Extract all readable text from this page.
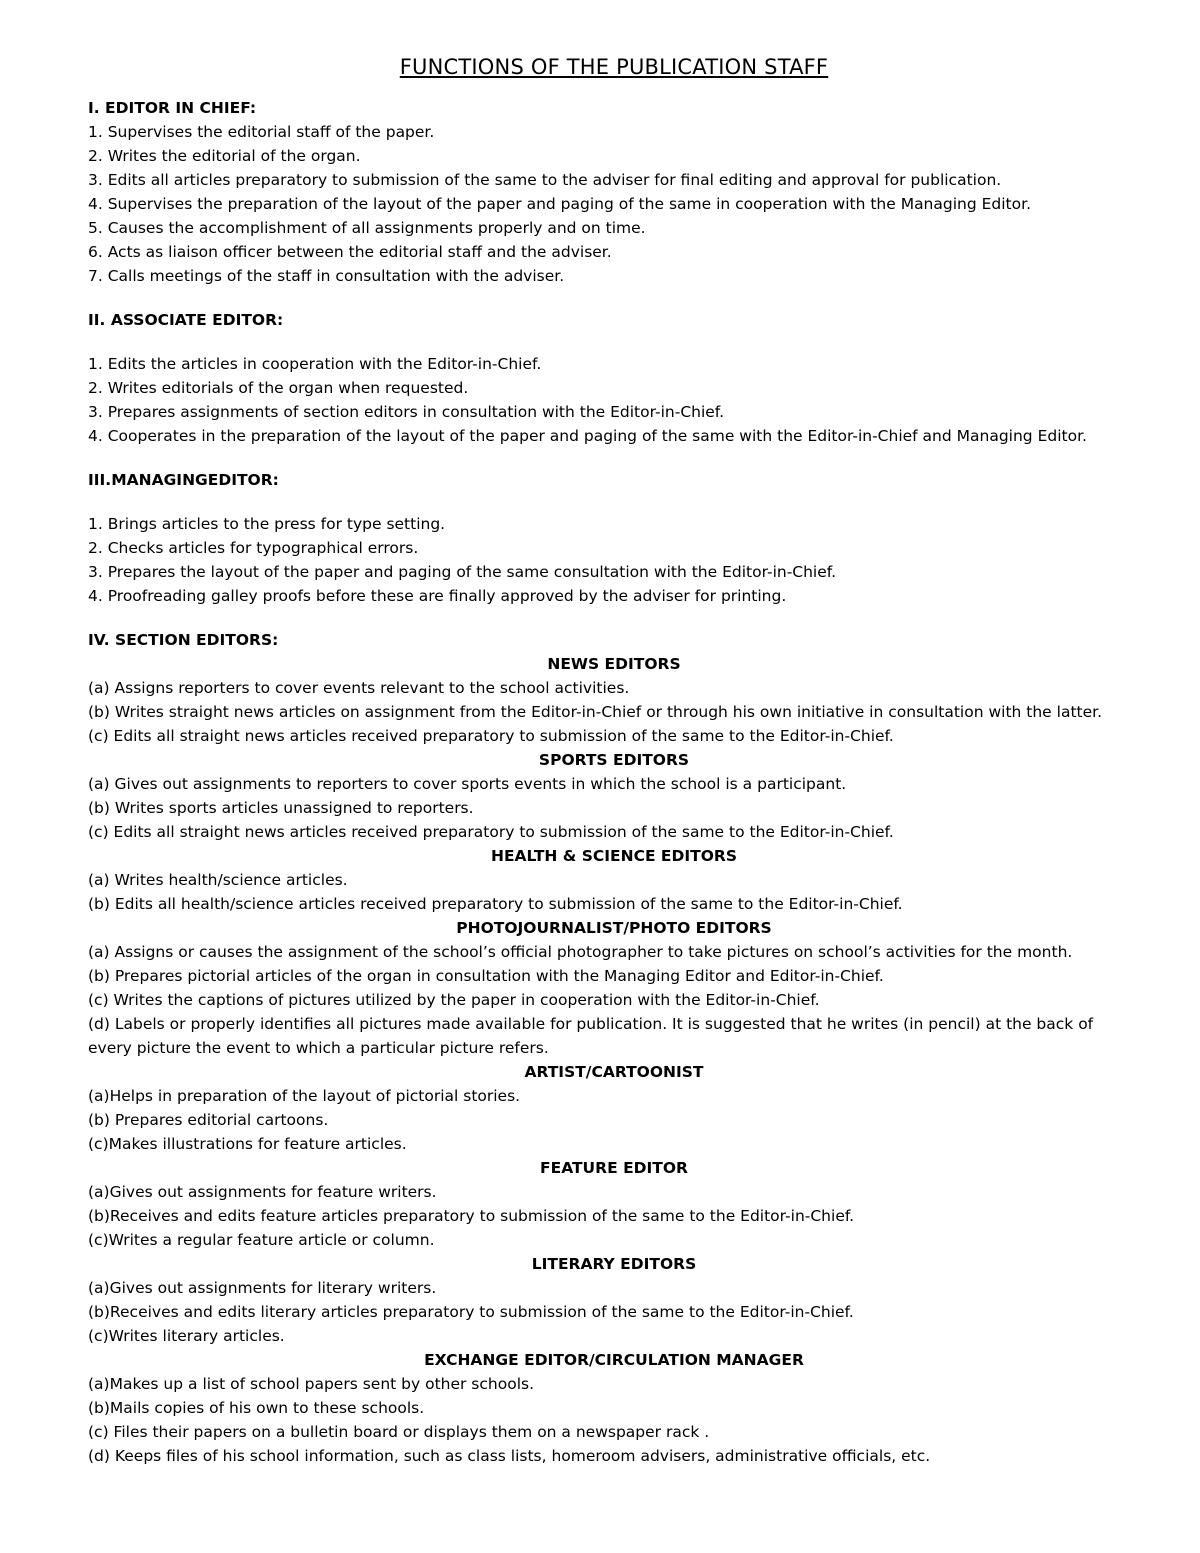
FUNCTIONS OF THE PUBLICATION STAFF

I. EDITOR IN CHIEF:

1. Supervises the editorial staff of the paper.

2. Writes the editorial of the organ.

3. Edits all articles preparatory to submission of the same to the adviser for final editing and approval for publication.

4. Supervises the preparation of the layout of the paper and paging of the same in cooperation with the Managing Editor.

5. Causes the accomplishment of all assignments properly and on time.

6. Acts as liaison officer between the editorial staff and the adviser.

7. Calls meetings of the staff in consultation with the adviser.

II. ASSOCIATE EDITOR:

1. Edits the articles in cooperation with the Editor-in-Chief.

2. Writes editorials of the organ when requested.

3. Prepares assignments of section editors in consultation with the Editor-in-Chief.

4. Cooperates in the preparation of the layout of the paper and paging of the same with the Editor-in-Chief and Managing Editor.

III.MANAGINGEDITOR:

1. Brings articles to the press for type setting.

2. Checks articles for typographical errors.

3. Prepares the layout of the paper and paging of the same consultation with the Editor-in-Chief.

4. Proofreading galley proofs before these are finally approved by the adviser for printing.

IV. SECTION EDITORS:

NEWS EDITORS

(a) Assigns reporters to cover events relevant to the school activities.

(b) Writes straight news articles on assignment from the Editor-in-Chief or through his own initiative in consultation with the latter.

(c) Edits all straight news articles received preparatory to submission of the same to the Editor-in-Chief.

SPORTS EDITORS

(a) Gives out assignments to reporters to cover sports events in which the school is a participant.

(b) Writes sports articles unassigned to reporters.

(c) Edits all straight news articles received preparatory to submission of the same to the Editor-in-Chief.

HEALTH & SCIENCE EDITORS

(a) Writes health/science articles.

(b) Edits all health/science articles received preparatory to submission of the same to the Editor-in-Chief.

PHOTOJOURNALIST/PHOTO EDITORS

(a) Assigns or causes the assignment of the school’s official photographer to take pictures on school’s activities for the month.

(b) Prepares pictorial articles of the organ in consultation with the Managing Editor and Editor-in-Chief.

(c) Writes the captions of pictures utilized by the paper in cooperation with the Editor-in-Chief.

(d) Labels or properly identifies all pictures made available for publication. It is suggested that he writes (in pencil) at the back of every picture the event to which a particular picture refers.

ARTIST/CARTOONIST

(a)Helps in preparation of the layout of pictorial stories.

(b) Prepares editorial cartoons.

(c)Makes illustrations for feature articles.

FEATURE EDITOR

(a)Gives out assignments for feature writers.

(b)Receives and edits feature articles preparatory to submission of the same to the Editor-in-Chief.

(c)Writes a regular feature article or column.

LITERARY EDITORS

(a)Gives out assignments for literary writers.

(b)Receives and edits literary articles preparatory to submission of the same to the Editor-in-Chief.

(c)Writes literary articles.

EXCHANGE EDITOR/CIRCULATION MANAGER

(a)Makes up a list of school papers sent by other schools.

(b)Mails copies of his own to these schools.

(c) Files their papers on a bulletin board or displays them on a newspaper rack .

(d) Keeps files of his school information, such as class lists, homeroom advisers, administrative officials, etc.
